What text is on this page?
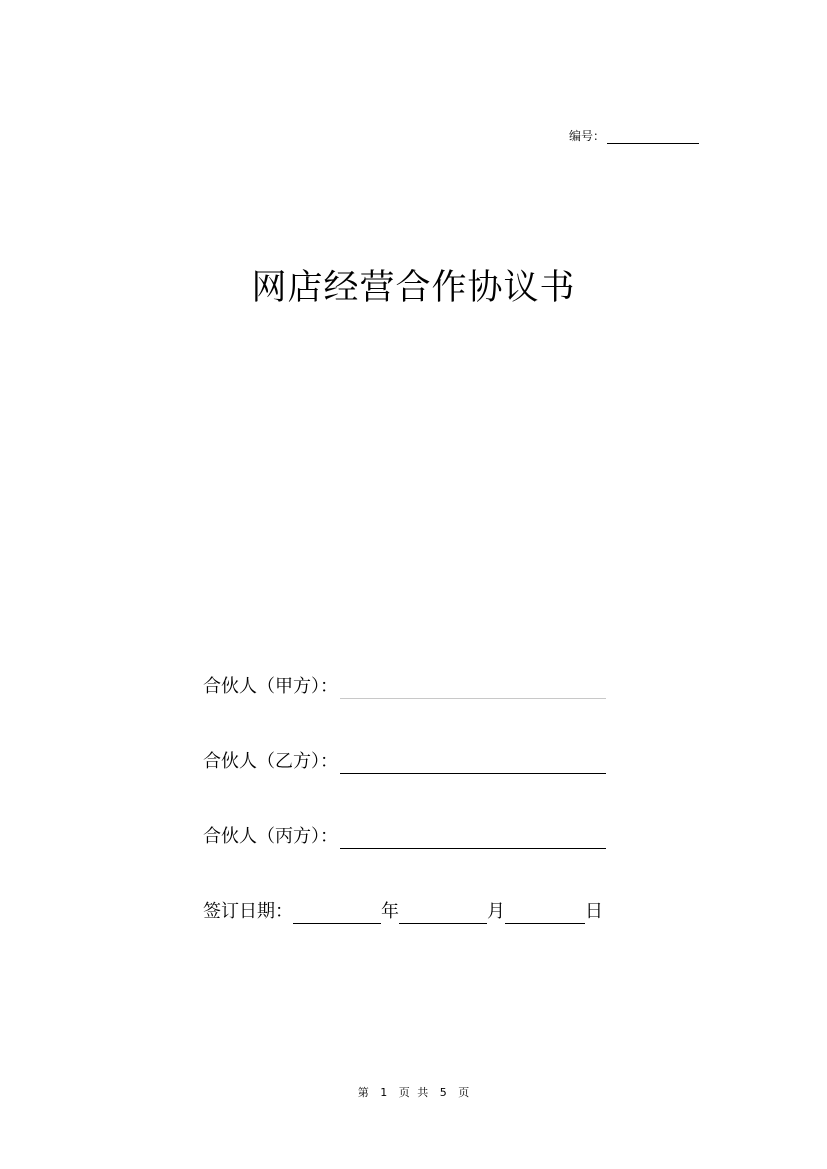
编号：
网店经营合作协议书
合伙人（甲方）：
合伙人（乙方）：
合伙人（丙方）：
签订日期：	年	月	日
第 1 页 共 5 页
